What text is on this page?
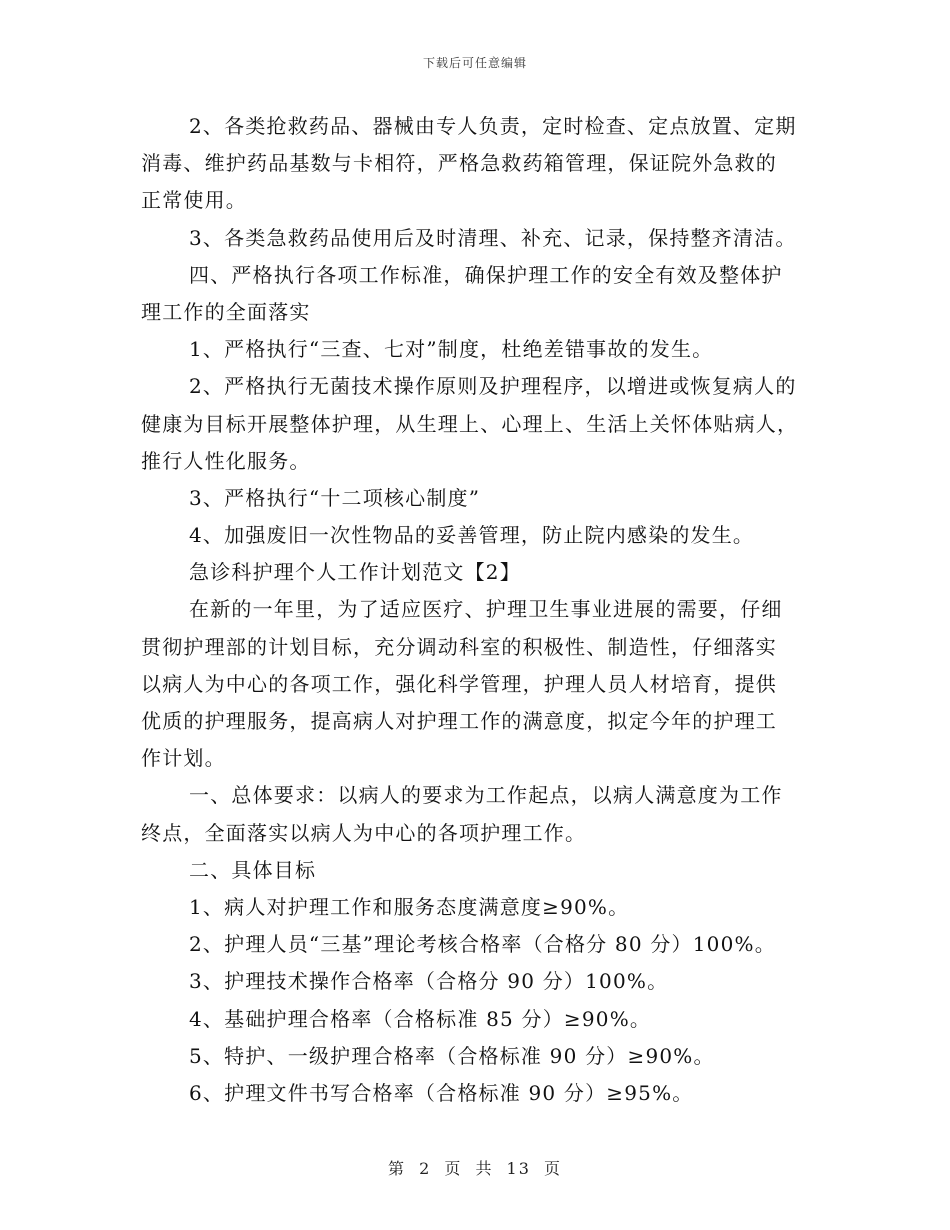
下载后可任意编辑
2、各类抢救药品、器械由专人负责，定时检查、定点放置、定期
消毒、维护药品基数与卡相符，严格急救药箱管理，保证院外急救的
正常使用。
3、各类急救药品使用后及时清理、补充、记录，保持整齐清洁。
四、严格执行各项工作标准，确保护理工作的安全有效及整体护
理工作的全面落实
1、严格执行“三查、七对”制度，杜绝差错事故的发生。
2、严格执行无菌技术操作原则及护理程序，以增进或恢复病人的
健康为目标开展整体护理，从生理上、心理上、生活上关怀体贴病人，
推行人性化服务。
3、严格执行“十二项核心制度”
4、加强废旧一次性物品的妥善管理，防止院内感染的发生。
急诊科护理个人工作计划范文【2】
在新的一年里，为了适应医疗、护理卫生事业进展的需要，仔细
贯彻护理部的计划目标，充分调动科室的积极性、制造性，仔细落实
以病人为中心的各项工作，强化科学管理，护理人员人材培育，提供
优质的护理服务，提高病人对护理工作的满意度，拟定今年的护理工
作计划。
一、总体要求：以病人的要求为工作起点，以病人满意度为工作
终点，全面落实以病人为中心的各项护理工作。
二、具体目标
1、病人对护理工作和服务态度满意度≥90%。
2、护理人员“三基”理论考核合格率（合格分 80 分）100%。
3、护理技术操作合格率（合格分 90 分）100%。
4、基础护理合格率（合格标准 85 分）≥90%。
5、特护、一级护理合格率（合格标准 90 分）≥90%。
6、护理文件书写合格率（合格标准 90 分）≥95%。
第 2 页 共 13 页
